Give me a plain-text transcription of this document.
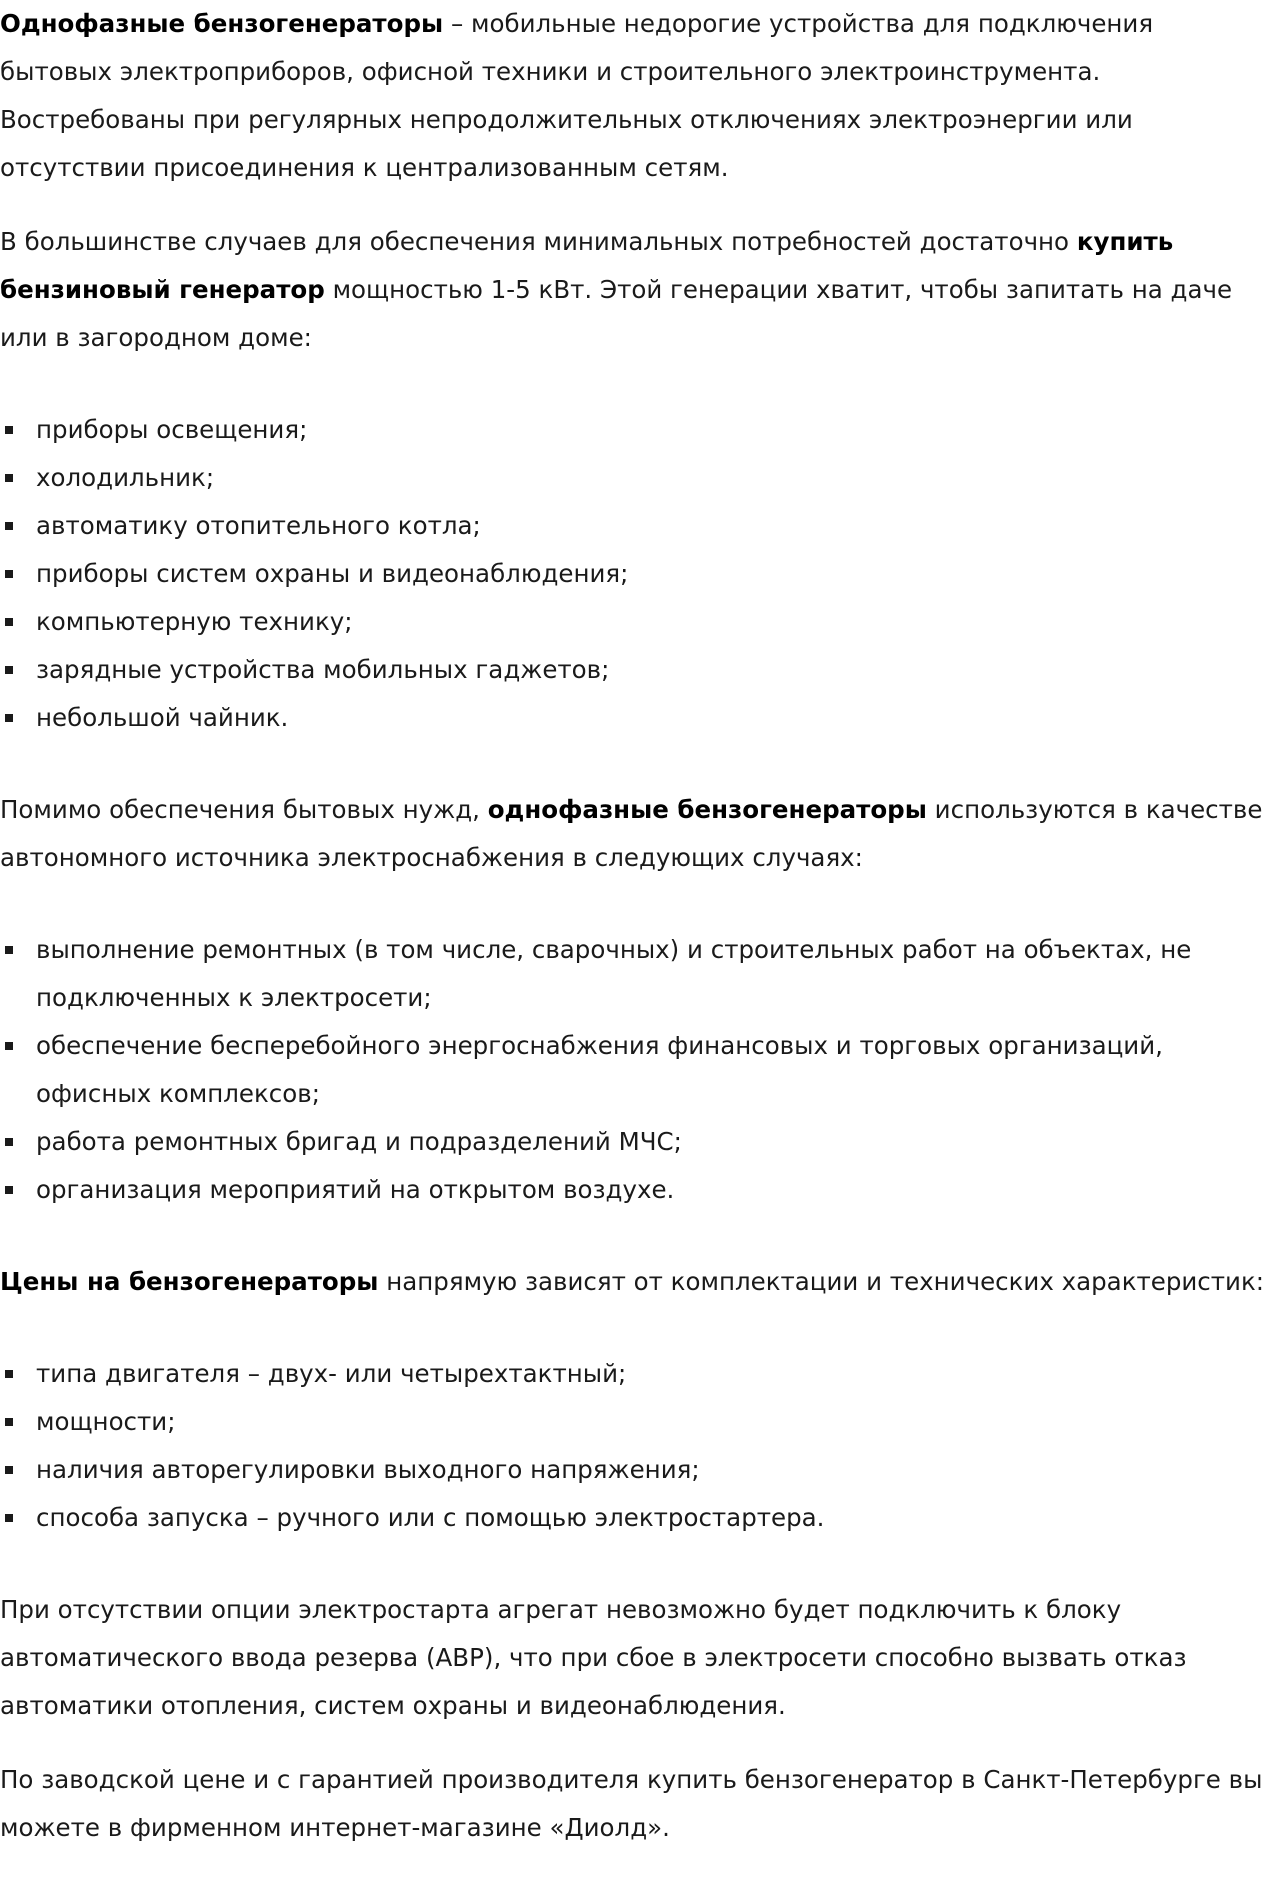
Однофазные бензогенераторы – мобильные недорогие устройства для подключения бытовых электроприборов, офисной техники и строительного электроинструмента. Востребованы при регулярных непродолжительных отключениях электроэнергии или отсутствии присоединения к централизованным сетям.

В большинстве случаев для обеспечения минимальных потребностей достаточно купить бензиновый генератор мощностью 1-5 кВт. Этой генерации хватит, чтобы запитать на даче или в загородном доме:

приборы освещения;
холодильник;
автоматику отопительного котла;
приборы систем охраны и видеонаблюдения;
компьютерную технику;
зарядные устройства мобильных гаджетов;
небольшой чайник.

Помимо обеспечения бытовых нужд, однофазные бензогенераторы используются в качестве автономного источника электроснабжения в следующих случаях:

выполнение ремонтных (в том числе, сварочных) и строительных работ на объектах, не подключенных к электросети;
обеспечение бесперебойного энергоснабжения финансовых и торговых организаций, офисных комплексов;
работа ремонтных бригад и подразделений МЧС;
организация мероприятий на открытом воздухе.

Цены на бензогенераторы напрямую зависят от комплектации и технических характеристик:

типа двигателя – двух- или четырехтактный;
мощности;
наличия авторегулировки выходного напряжения;
способа запуска – ручного или с помощью электростартера.

При отсутствии опции электростарта агрегат невозможно будет подключить к блоку автоматического ввода резерва (АВР), что при сбое в электросети способно вызвать отказ автоматики отопления, систем охраны и видеонаблюдения.

По заводской цене и с гарантией производителя купить бензогенератор в Санкт-Петербурге вы можете в фирменном интернет-магазине «Диолд».
